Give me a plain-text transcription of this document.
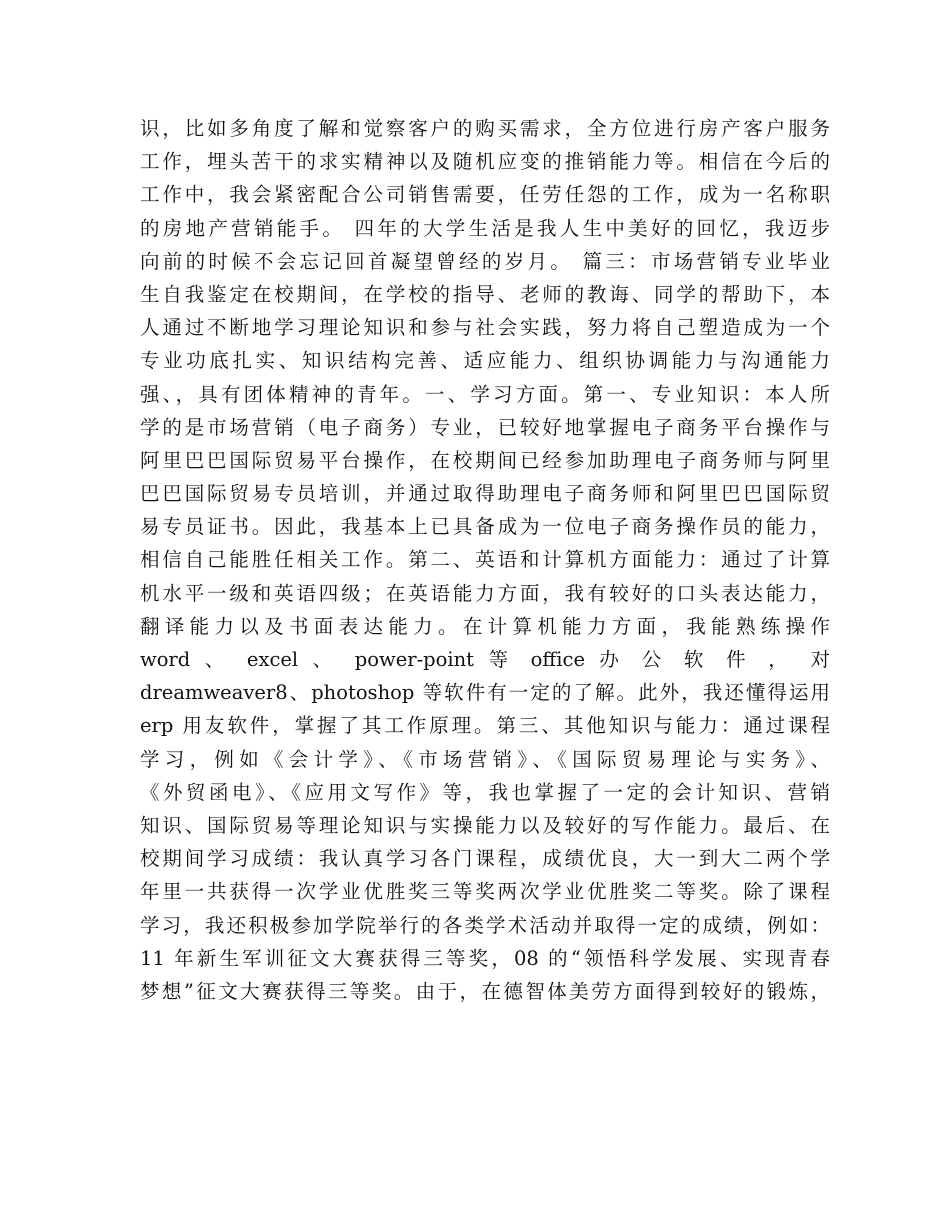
识，比如多角度了解和觉察客户的购买需求，全方位进行房产客户服务
工作，埋头苦干的求实精神以及随机应变的推销能力等。相信在今后的
工作中，我会紧密配合公司销售需要，任劳任怨的工作，成为一名称职
的房地产营销能手。 四年的大学生活是我人生中美好的回忆，我迈步
向前的时候不会忘记回首凝望曾经的岁月。 篇三：市场营销专业毕业
生自我鉴定在校期间，在学校的指导、老师的教诲、同学的帮助下，本
人通过不断地学习理论知识和参与社会实践，努力将自己塑造成为一个
专业功底扎实、知识结构完善、适应能力、组织协调能力与沟通能力
强、，具有团体精神的青年。一、学习方面。第一、专业知识：本人所
学的是市场营销（电子商务）专业，已较好地掌握电子商务平台操作与
阿里巴巴国际贸易平台操作，在校期间已经参加助理电子商务师与阿里
巴巴国际贸易专员培训，并通过取得助理电子商务师和阿里巴巴国际贸
易专员证书。因此，我基本上已具备成为一位电子商务操作员的能力，
相信自己能胜任相关工作。第二、英语和计算机方面能力：通过了计算
机水平一级和英语四级；在英语能力方面，我有较好的口头表达能力，
翻译能力以及书面表达能力。在计算机能力方面，我能熟练操作
word 、 excel 、 power-point 等 office 办 公 软 件 ， 对
dreamweaver8、photoshop 等软件有一定的了解。此外，我还懂得运用
erp 用友软件，掌握了其工作原理。第三、其他知识与能力：通过课程
学习，例如《会计学》、《市场营销》、《国际贸易理论与实务》、
《外贸函电》、《应用文写作》等，我也掌握了一定的会计知识、营销
知识、国际贸易等理论知识与实操能力以及较好的写作能力。最后、在
校期间学习成绩：我认真学习各门课程，成绩优良，大一到大二两个学
年里一共获得一次学业优胜奖三等奖两次学业优胜奖二等奖。除了课程
学习，我还积极参加学院举行的各类学术活动并取得一定的成绩，例如：
11 年新生军训征文大赛获得三等奖，08 的“领悟科学发展、实现青春
梦想”征文大赛获得三等奖。由于，在德智体美劳方面得到较好的锻炼，
